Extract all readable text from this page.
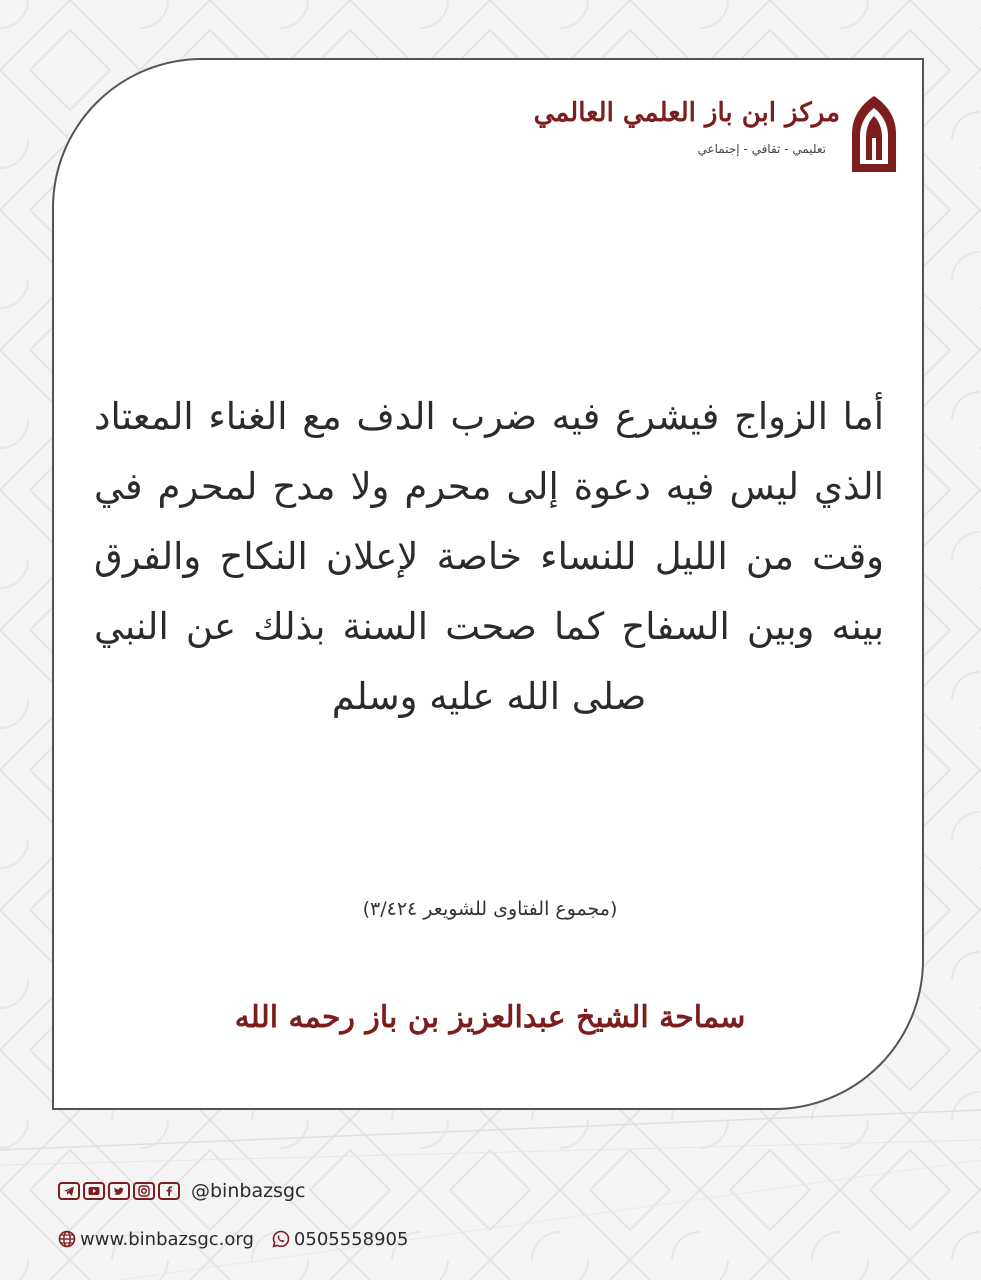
مركز ابن باز العلمي العالمي
تعليمي - ثقافي - إجتماعي
أما الزواج فيشرع فيه ضرب الدف مع الغناء المعتاد الذي ليس فيه دعوة إلى محرم ولا مدح لمحرم في وقت من الليل للنساء خاصة لإعلان النكاح والفرق بينه وبين السفاح كما صحت السنة بذلك عن النبي صلى الله عليه وسلم
(مجموع الفتاوى للشويعر ٣/٤٢٤)
سماحة الشيخ عبدالعزيز بن باز رحمه الله
@binbazsgc
www.binbazsgc.org 0505558905
